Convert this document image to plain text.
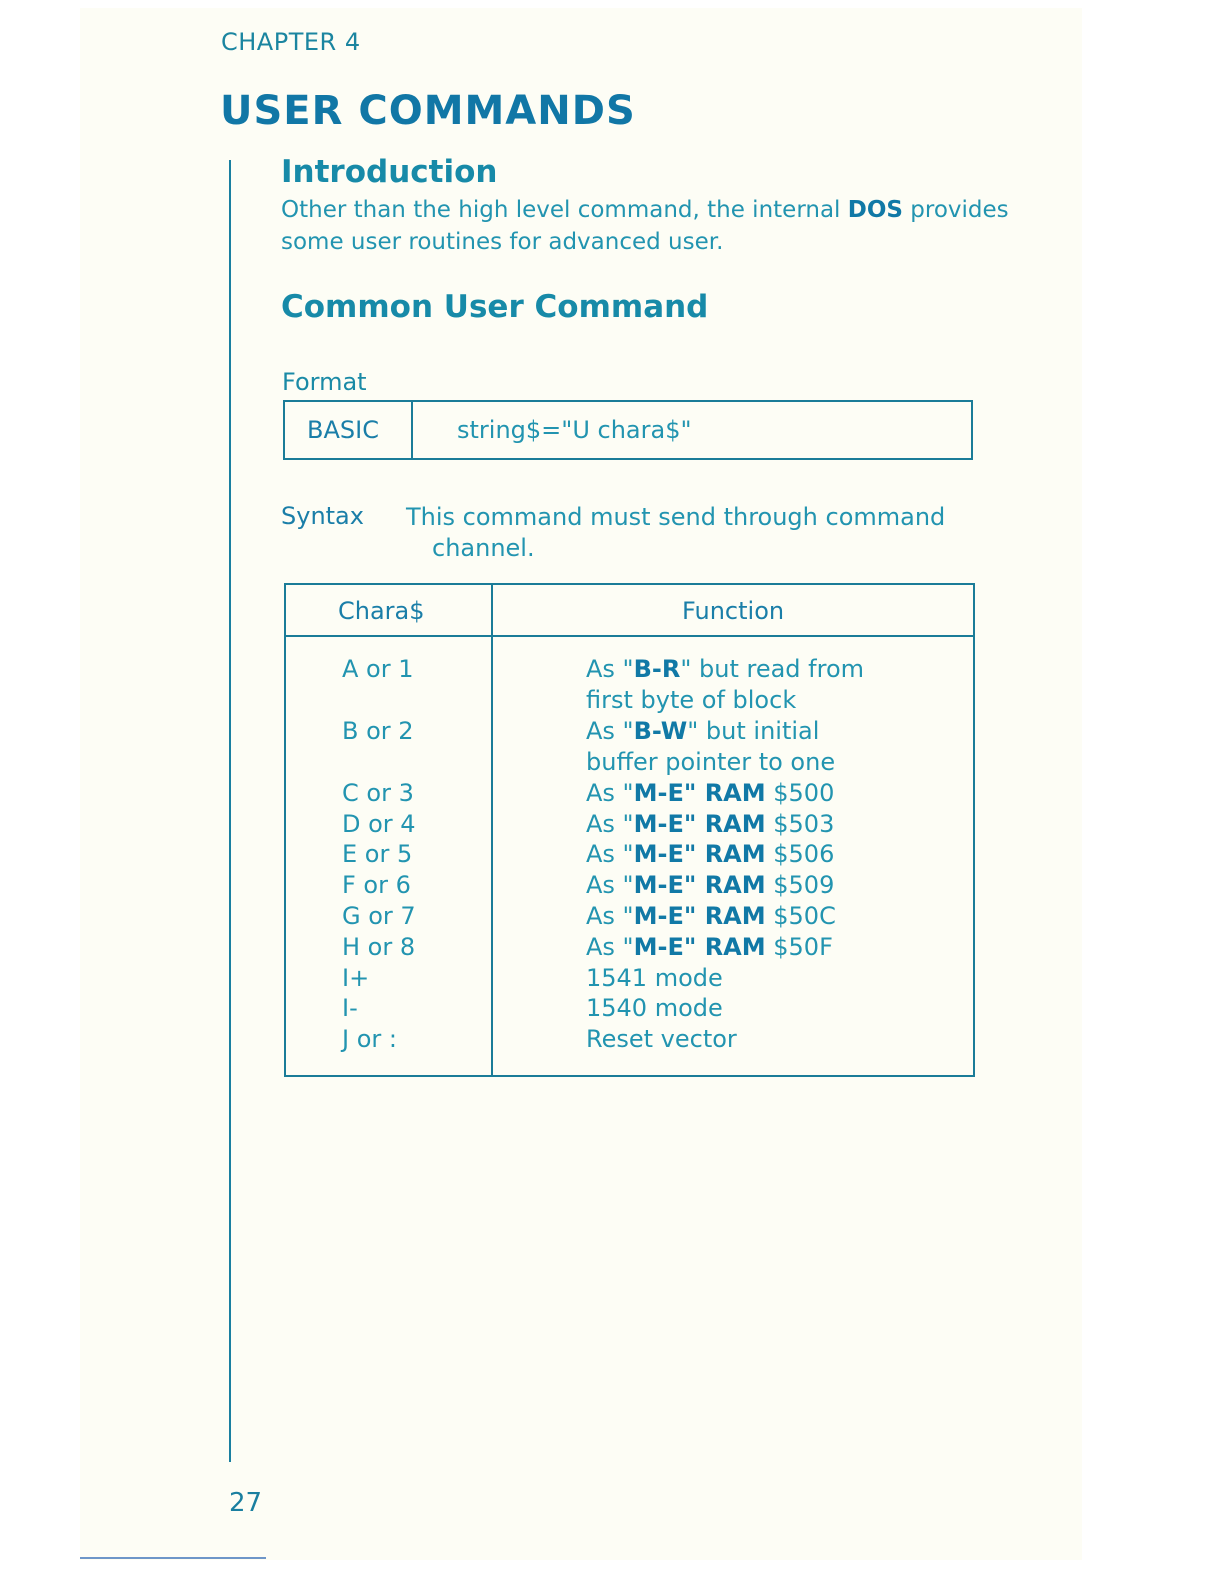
CHAPTER 4
USER COMMANDS
Introduction
Other than the high level command, the internal DOS provides some user routines for advanced user.
Common User Command
Format
BASIC	string$="U chara$"
Syntax This command must send through command
channel.
Chara$	Function
A or 1	As "B-R" but read from
first byte of block
B or 2	As "B-W" but initial
buffer pointer to one
C or 3	As "M-E" RAM $500
D or 4	As "M-E" RAM $503
E or 5	As "M-E" RAM $506
F or 6	As "M-E" RAM $509
G or 7	As "M-E" RAM $50C
H or 8	As "M-E" RAM $50F
I+	1541 mode
I-	1540 mode
J or :	Reset vector
27
